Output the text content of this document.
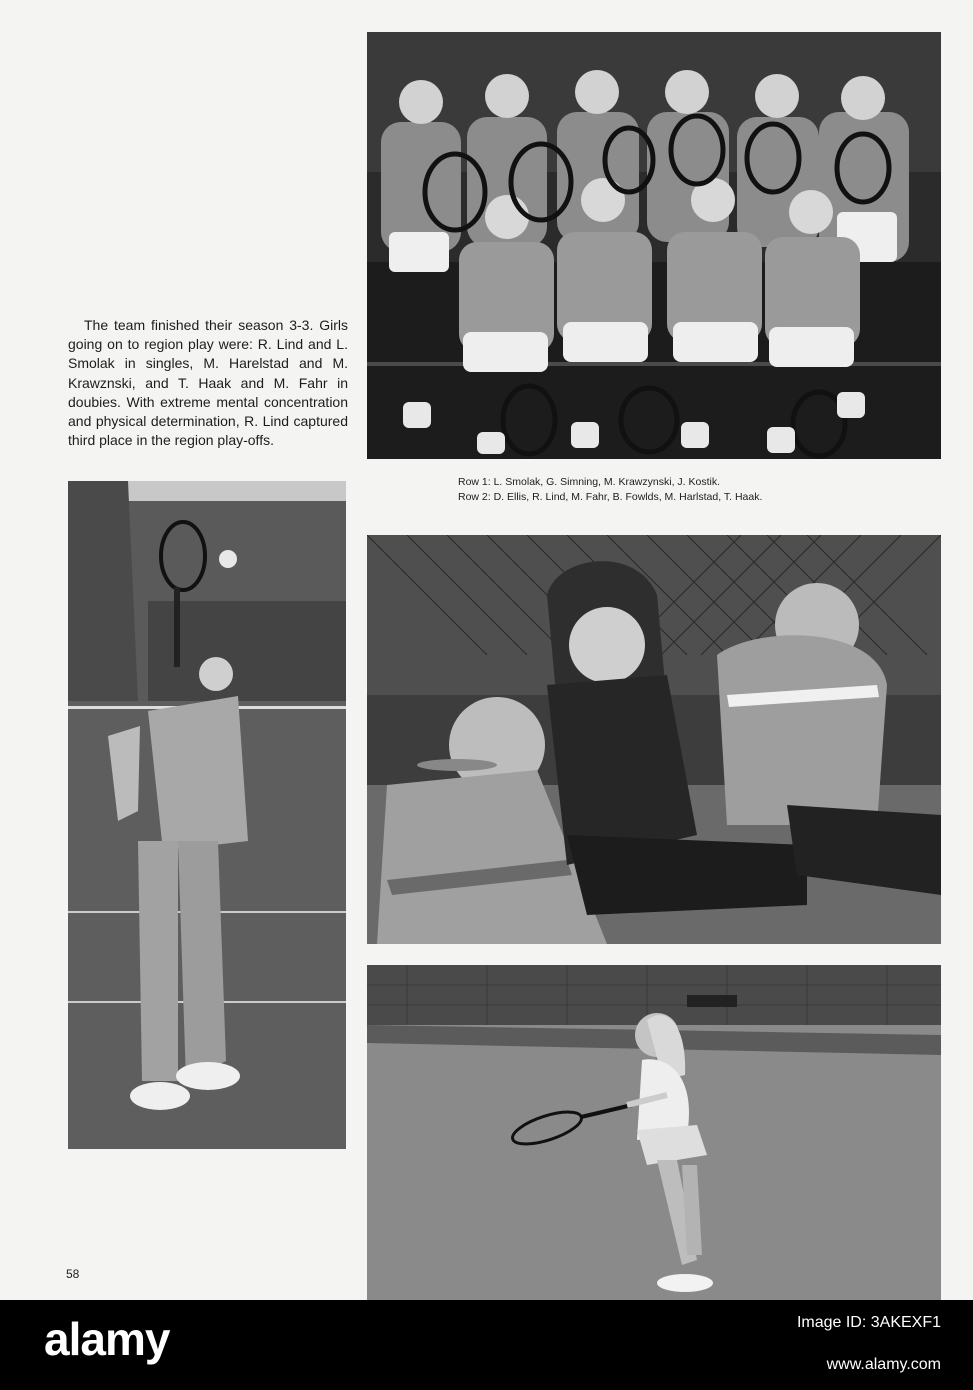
The team finished their season 3-3. Girls going on to region play were: R. Lind and L. Smolak in singles, M. Harelstad and M. Krawznski, and T. Haak and M. Fahr in doubies. With extreme mental concentration and physical determination, R. Lind captured third place in the region play-offs.

Row 1: L. Smolak, G. Simning, M. Krawzynski, J. Kostik.
Row 2: D. Ellis, R. Lind, M. Fahr, B. Fowlds, M. Harlstad, T. Haak.
58
alamy	Image ID: 3AKEXF1
www.alamy.com
